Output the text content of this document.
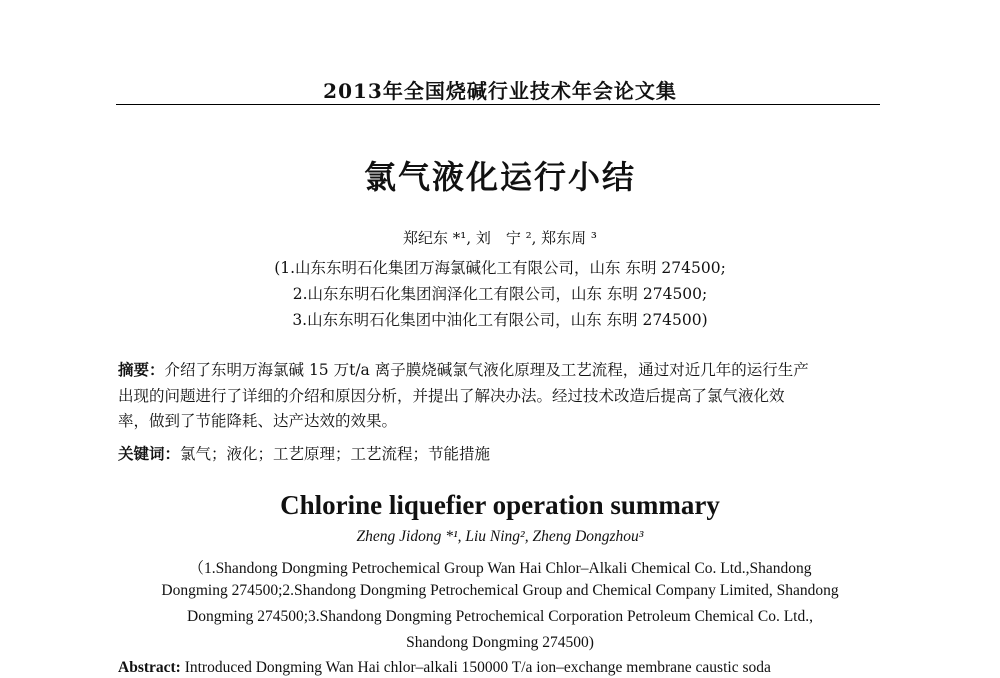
2013年全国烧碱行业技术年会论文集
氯气液化运行小结
郑纪东 *¹, 刘　宁 ², 郑东周 ³
(1.山东东明石化集团万海氯碱化工有限公司，山东 东明 274500;
2.山东东明石化集团润泽化工有限公司，山东 东明 274500;
3.山东东明石化集团中油化工有限公司，山东 东明 274500)
摘要：介绍了东明万海氯碱 15 万t/a 离子膜烧碱氯气液化原理及工艺流程，通过对近几年的运行生产
出现的问题进行了详细的介绍和原因分析，并提出了解决办法。经过技术改造后提高了氯气液化效
率，做到了节能降耗、达产达效的效果。
关键词：氯气；液化；工艺原理；工艺流程；节能措施
Chlorine liquefier operation summary
Zheng Jidong *¹, Liu Ning², Zheng Dongzhou³
（1.Shandong Dongming Petrochemical Group Wan Hai Chlor–Alkali Chemical Co. Ltd.,Shandong
Dongming 274500;2.Shandong Dongming Petrochemical Group and Chemical Company Limited, Shandong
Dongming 274500;3.Shandong Dongming Petrochemical Corporation Petroleum Chemical Co. Ltd.,
Shandong Dongming 274500)
Abstract: Introduced Dongming Wan Hai chlor–alkali 150000 T/a ion–exchange membrane caustic soda
